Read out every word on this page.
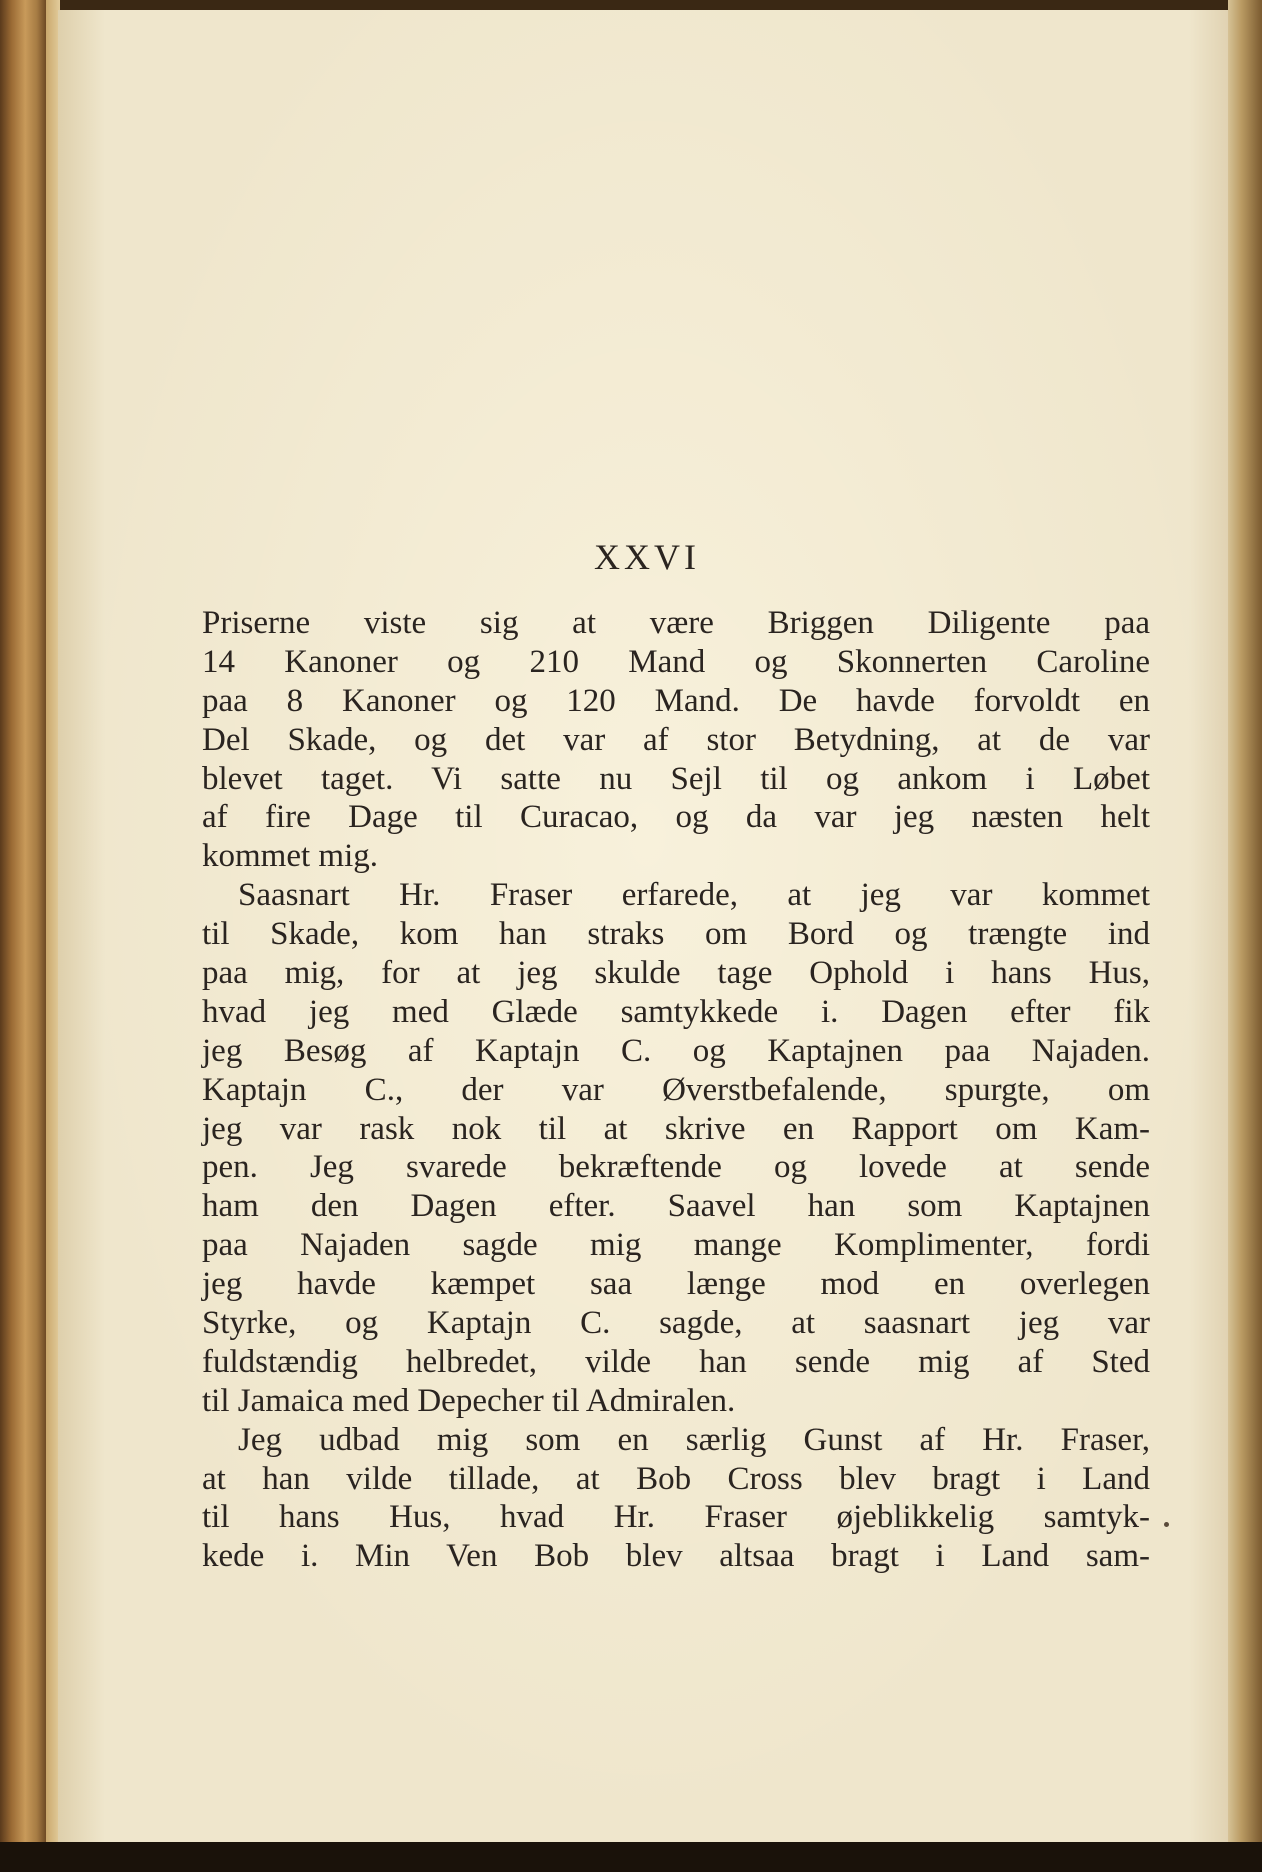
XXVI
Priserne viste sig at være Briggen Diligente paa
14 Kanoner og 210 Mand og Skonnerten Caroline
paa 8 Kanoner og 120 Mand. De havde forvoldt en
Del Skade, og det var af stor Betydning, at de var
blevet taget. Vi satte nu Sejl til og ankom i Løbet
af fire Dage til Curacao, og da var jeg næsten helt
kommet mig.
Saasnart Hr. Fraser erfarede, at jeg var kommet
til Skade, kom han straks om Bord og trængte ind
paa mig, for at jeg skulde tage Ophold i hans Hus,
hvad jeg med Glæde samtykkede i. Dagen efter fik
jeg Besøg af Kaptajn C. og Kaptajnen paa Najaden.
Kaptajn C., der var Øverstbefalende, spurgte, om
jeg var rask nok til at skrive en Rapport om Kam-
pen. Jeg svarede bekræftende og lovede at sende
ham den Dagen efter. Saavel han som Kaptajnen
paa Najaden sagde mig mange Komplimenter, fordi
jeg havde kæmpet saa længe mod en overlegen
Styrke, og Kaptajn C. sagde, at saasnart jeg var
fuldstændig helbredet, vilde han sende mig af Sted
til Jamaica med Depecher til Admiralen.
Jeg udbad mig som en særlig Gunst af Hr. Fraser,
at han vilde tillade, at Bob Cross blev bragt i Land
til hans Hus, hvad Hr. Fraser øjeblikkelig samtyk-
kede i. Min Ven Bob blev altsaa bragt i Land sam-
